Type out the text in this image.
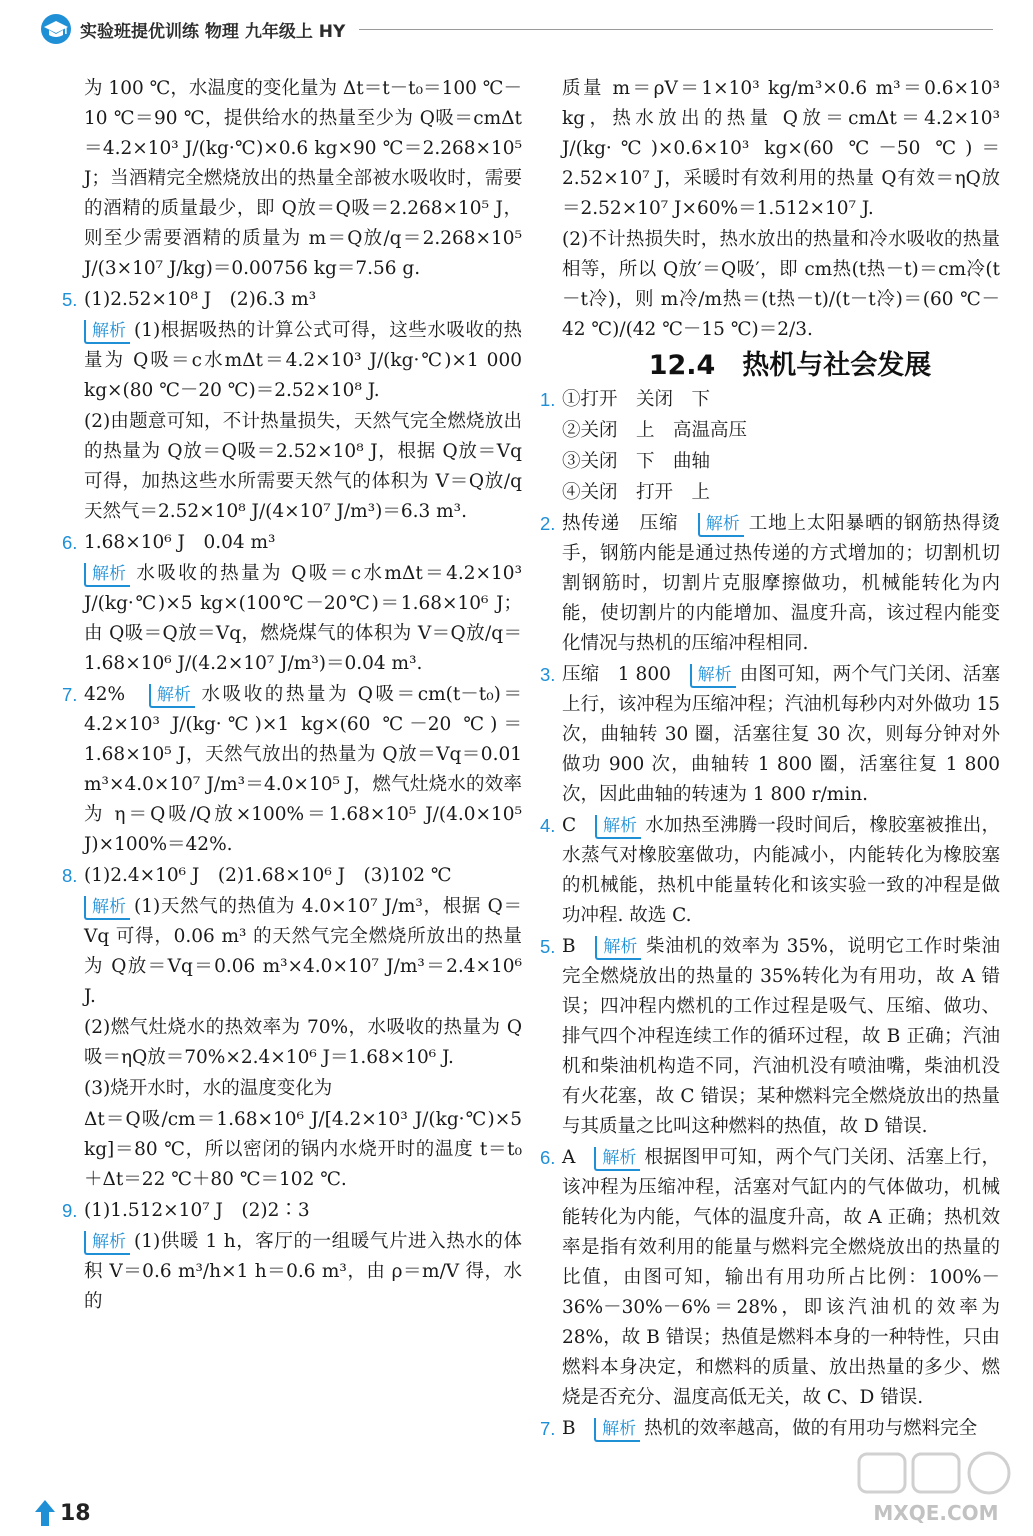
实验班提优训练 物理 九年级上 HY

为 100 ℃，水温度的变化量为 Δt＝t－t₀＝100 ℃－10 ℃＝90 ℃，提供给水的热量至少为 Q吸＝cmΔt＝4.2×10³ J/(kg·℃)×0.6 kg×90 ℃＝2.268×10⁵ J；当酒精完全燃烧放出的热量全部被水吸收时，需要的酒精的质量最少，即 Q放＝Q吸＝2.268×10⁵ J，则至少需要酒精的质量为 m＝Q放/q＝2.268×10⁵ J/(3×10⁷ J/kg)＝0.00756 kg＝7.56 g.

5. (1)2.52×10⁸ J　(2)6.3 m³

解析 (1)根据吸热的计算公式可得，这些水吸收的热量为 Q吸＝c水mΔt＝4.2×10³ J/(kg·℃)×1 000 kg×(80 ℃－20 ℃)＝2.52×10⁸ J.

(2)由题意可知，不计热量损失，天然气完全燃烧放出的热量为 Q放＝Q吸＝2.52×10⁸ J，根据 Q放＝Vq 可得，加热这些水所需要天然气的体积为 V＝Q放/q天然气＝2.52×10⁸ J/(4×10⁷ J/m³)＝6.3 m³.

6. 1.68×10⁶ J　0.04 m³

解析 水吸收的热量为 Q吸＝c水mΔt＝4.2×10³ J/(kg·℃)×5 kg×(100℃－20℃)＝1.68×10⁶ J；由 Q吸＝Q放＝Vq，燃烧煤气的体积为 V＝Q放/q＝1.68×10⁶ J/(4.2×10⁷ J/m³)＝0.04 m³.

7. 42%　 解析 水吸收的热量为 Q吸＝cm(t－t₀)＝4.2×10³ J/(kg·℃)×1 kg×(60 ℃－20 ℃)＝1.68×10⁵ J，天然气放出的热量为 Q放＝Vq＝0.01 m³×4.0×10⁷ J/m³＝4.0×10⁵ J，燃气灶烧水的效率为 η＝Q吸/Q放×100%＝1.68×10⁵ J/(4.0×10⁵ J)×100%＝42%.

8. (1)2.4×10⁶ J　(2)1.68×10⁶ J　(3)102 ℃

解析 (1)天然气的热值为 4.0×10⁷ J/m³，根据 Q＝Vq 可得，0.06 m³ 的天然气完全燃烧所放出的热量为 Q放＝Vq＝0.06 m³×4.0×10⁷ J/m³＝2.4×10⁶ J.

(2)燃气灶烧水的热效率为 70%，水吸收的热量为 Q吸＝ηQ放＝70%×2.4×10⁶ J＝1.68×10⁶ J.

(3)烧开水时，水的温度变化为

Δt＝Q吸/cm＝1.68×10⁶ J/[4.2×10³ J/(kg·℃)×5 kg]＝80 ℃，所以密闭的锅内水烧开时的温度 t＝t₀＋Δt＝22 ℃＋80 ℃＝102 ℃.

9. (1)1.512×10⁷ J　(2)2∶3

解析 (1)供暖 1 h，客厅的一组暖气片进入热水的体积 V＝0.6 m³/h×1 h＝0.6 m³，由 ρ＝m/V 得，水的

质量 m＝ρV＝1×10³ kg/m³×0.6 m³＝0.6×10³ kg，热水放出的热量 Q放＝cmΔt＝4.2×10³ J/(kg·℃)×0.6×10³ kg×(60 ℃－50 ℃)＝2.52×10⁷ J，采暖时有效利用的热量 Q有效＝ηQ放＝2.52×10⁷ J×60%＝1.512×10⁷ J.

(2)不计热损失时，热水放出的热量和冷水吸收的热量相等，所以 Q放′＝Q吸′，即 cm热(t热－t)＝cm冷(t－t冷)，则 m冷/m热＝(t热－t)/(t－t冷)＝(60 ℃－42 ℃)/(42 ℃－15 ℃)＝2/3.

12.4　热机与社会发展

1. ①打开　关闭　下

②关闭　上　高温高压

③关闭　下　曲轴

④关闭　打开　上

2. 热传递　压缩　 解析 工地上太阳暴晒的钢筋热得烫手，钢筋内能是通过热传递的方式增加的；切割机切割钢筋时，切割片克服摩擦做功，机械能转化为内能，使切割片的内能增加、温度升高，该过程内能变化情况与热机的压缩冲程相同.

3. 压缩　1 800　 解析 由图可知，两个气门关闭、活塞上行，该冲程为压缩冲程；汽油机每秒内对外做功 15 次，曲轴转 30 圈，活塞往复 30 次，则每分钟对外做功 900 次，曲轴转 1 800 圈，活塞往复 1 800 次，因此曲轴的转速为 1 800 r/min.

4. C　 解析 水加热至沸腾一段时间后，橡胶塞被推出，水蒸气对橡胶塞做功，内能减小，内能转化为橡胶塞的机械能，热机中能量转化和该实验一致的冲程是做功冲程. 故选 C.

5. B　 解析 柴油机的效率为 35%，说明它工作时柴油完全燃烧放出的热量的 35%转化为有用功，故 A 错误；四冲程内燃机的工作过程是吸气、压缩、做功、排气四个冲程连续工作的循环过程，故 B 正确；汽油机和柴油机构造不同，汽油机没有喷油嘴，柴油机没有火花塞，故 C 错误；某种燃料完全燃烧放出的热量与其质量之比叫这种燃料的热值，故 D 错误.

6. A　 解析 根据图甲可知，两个气门关闭、活塞上行，该冲程为压缩冲程，活塞对气缸内的气体做功，机械能转化为内能，气体的温度升高，故 A 正确；热机效率是指有效利用的能量与燃料完全燃烧放出的热量的比值，由图可知，输出有用功所占比例：100%－36%－30%－6%＝28%，即该汽油机的效率为 28%，故 B 错误；热值是燃料本身的一种特性，只由燃料本身决定，和燃料的质量、放出热量的多少、燃烧是否充分、温度高低无关，故 C、D 错误.

7. B　 解析 热机的效率越高，做的有用功与燃料完全

18	MXQE.COM
